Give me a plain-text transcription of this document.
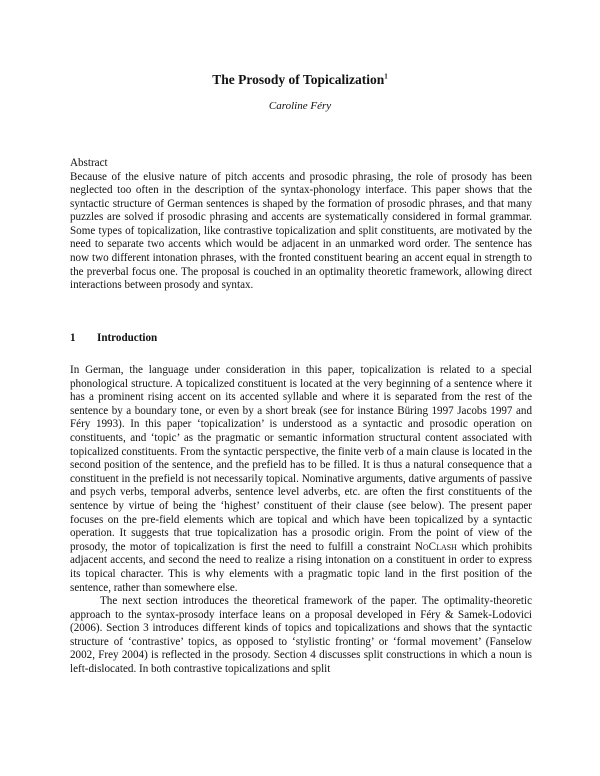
The Prosody of Topicalization$^1$
Caroline Féry
Abstract

Because of the elusive nature of pitch accents and prosodic phrasing, the role of prosody has been neglected too often in the description of the syntax-phonology interface. This paper shows that the syntactic structure of German sentences is shaped by the formation of prosodic phrases, and that many puzzles are solved if prosodic phrasing and accents are systematically considered in formal grammar. Some types of topicalization, like contrastive topicalization and split constituents, are motivated by the need to separate two accents which would be adjacent in an unmarked word order. The sentence has now two different intonation phrases, with the fronted constituent bearing an accent equal in strength to the preverbal focus one. The proposal is couched in an optimality theoretic framework, allowing direct interactions between prosody and syntax.

1 Introduction

In German, the language under consideration in this paper, topicalization is related to a special phonological structure. A topicalized constituent is located at the very beginning of a sentence where it has a prominent rising accent on its accented syllable and where it is separated from the rest of the sentence by a boundary tone, or even by a short break (see for instance Büring 1997 Jacobs 1997 and Féry 1993). In this paper ‘topicalization’ is understood as a syntactic and prosodic operation on constituents, and ‘topic’ as the pragmatic or semantic information structural content associated with topicalized constituents. From the syntactic perspective, the finite verb of a main clause is located in the second position of the sentence, and the prefield has to be filled. It is thus a natural consequence that a constituent in the prefield is not necessarily topical. Nominative arguments, dative arguments of passive and psych verbs, temporal adverbs, sentence level adverbs, etc. are often the first constituents of the sentence by virtue of being the ‘highest’ constituent of their clause (see below). The present paper focuses on the pre-field elements which are topical and which have been topicalized by a syntactic operation. It suggests that true topicalization has a prosodic origin. From the point of view of the prosody, the motor of topicalization is first the need to fulfill a constraint NoClash which prohibits adjacent accents, and second the need to realize a rising intonation on a constituent in order to express its topical character. This is why elements with a pragmatic topic land in the first position of the sentence, rather than somewhere else.

The next section introduces the theoretical framework of the paper. The optimality-theoretic approach to the syntax-prosody interface leans on a proposal developed in Féry & Samek-Lodovici (2006). Section 3 introduces different kinds of topics and topicalizations and shows that the syntactic structure of ‘contrastive’ topics, as opposed to ‘stylistic fronting’ or ‘formal movement’ (Fanselow 2002, Frey 2004) is reflected in the prosody. Section 4 discusses split constructions in which a noun is left-dislocated. In both contrastive topicalizations and split
